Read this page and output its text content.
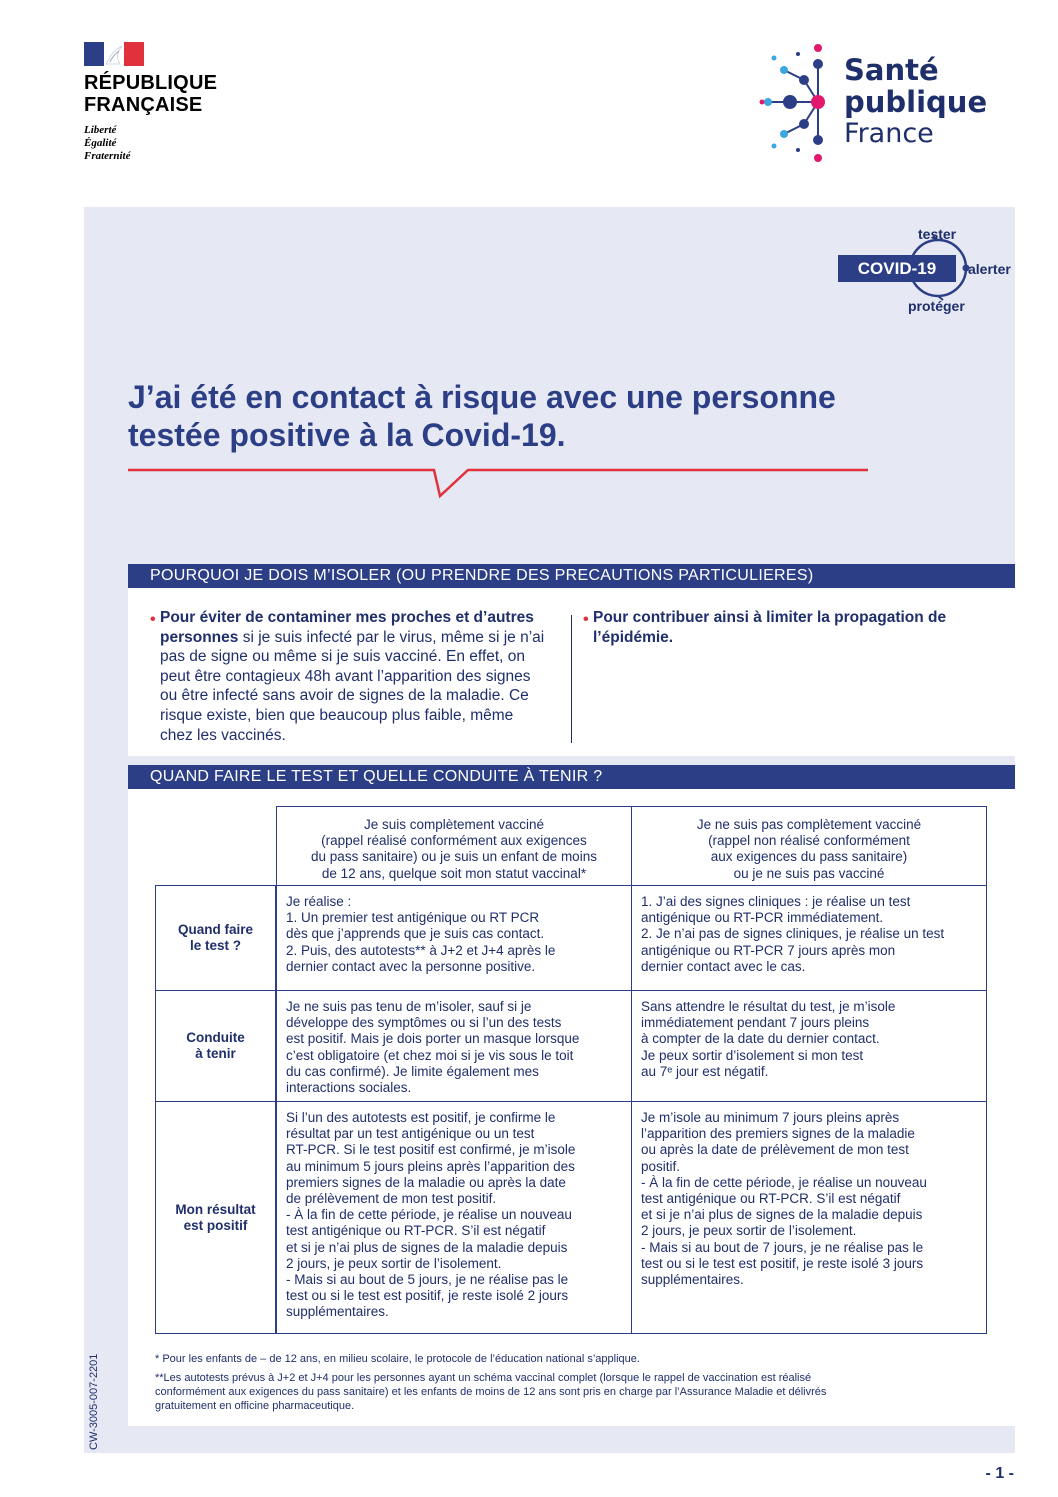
RÉPUBLIQUE
FRANÇAISE
Liberté
Égalité
Fraternité
Santé
publique
France
COVID-19
tester
alerter
protéger
J’ai été en contact à risque avec une personne testée positive à la Covid-19.
POURQUOI JE DOIS M’ISOLER (OU PRENDRE DES PRECAUTIONS PARTICULIERES)
• Pour éviter de contaminer mes proches et d’autres personnes si je suis infecté par le virus, même si je n’ai pas de signe ou même si je suis vacciné. En effet, on peut être contagieux 48h avant l’apparition des signes ou être infecté sans avoir de signes de la maladie. Ce risque existe, bien que beaucoup plus faible, même chez les vaccinés.
• Pour contribuer ainsi à limiter la propagation de l’épidémie.
QUAND FAIRE LE TEST ET QUELLE CONDUITE À TENIR ?
Je suis complètement vacciné
(rappel réalisé conformément aux exigences
du pass sanitaire) ou je suis un enfant de moins
de 12 ans, quelque soit mon statut vaccinal*
Je ne suis pas complètement vacciné
(rappel non réalisé conformément
aux exigences du pass sanitaire)
ou je ne suis pas vacciné
Quand faire
le test ?
Je réalise :
1. Un premier test antigénique ou RT PCR
dès que j’apprends que je suis cas contact.
2. Puis, des autotests** à J+2 et J+4 après le
dernier contact avec la personne positive.
1. J’ai des signes cliniques : je réalise un test
antigénique ou RT-PCR immédiatement.
2. Je n’ai pas de signes cliniques, je réalise un test
antigénique ou RT-PCR 7 jours après mon
dernier contact avec le cas.
Conduite
à tenir
Je ne suis pas tenu de m’isoler, sauf si je
développe des symptômes ou si l’un des tests
est positif. Mais je dois porter un masque lorsque
c’est obligatoire (et chez moi si je vis sous le toit
du cas confirmé). Je limite également mes
interactions sociales.
Sans attendre le résultat du test, je m’isole
immédiatement pendant 7 jours pleins
à compter de la date du dernier contact.
Je peux sortir d’isolement si mon test
au 7ᵉ jour est négatif.
Mon résultat
est positif
Si l’un des autotests est positif, je confirme le
résultat par un test antigénique ou un test
RT-PCR. Si le test positif est confirmé, je m’isole
au minimum 5 jours pleins après l’apparition des
premiers signes de la maladie ou après la date
de prélèvement de mon test positif.
- À la fin de cette période, je réalise un nouveau
test antigénique ou RT-PCR. S’il est négatif
et si je n’ai plus de signes de la maladie depuis
2 jours, je peux sortir de l’isolement.
- Mais si au bout de 5 jours, je ne réalise pas le
test ou si le test est positif, je reste isolé 2 jours
supplémentaires.
Je m’isole au minimum 7 jours pleins après
l’apparition des premiers signes de la maladie
ou après la date de prélèvement de mon test
positif.
- À la fin de cette période, je réalise un nouveau
test antigénique ou RT-PCR. S’il est négatif
et si je n’ai plus de signes de la maladie depuis
2 jours, je peux sortir de l’isolement.
- Mais si au bout de 7 jours, je ne réalise pas le
test ou si le test est positif, je reste isolé 3 jours
supplémentaires.
* Pour les enfants de – de 12 ans, en milieu scolaire, le protocole de l’éducation national s’applique.
**Les autotests prévus à J+2 et J+4 pour les personnes ayant un schéma vaccinal complet (lorsque le rappel de vaccination est réalisé
conformément aux exigences du pass sanitaire) et les enfants de moins de 12 ans sont pris en charge par l’Assurance Maladie et délivrés
gratuitement en officine pharmaceutique.
CW-3005-007-2201
- 1 -
